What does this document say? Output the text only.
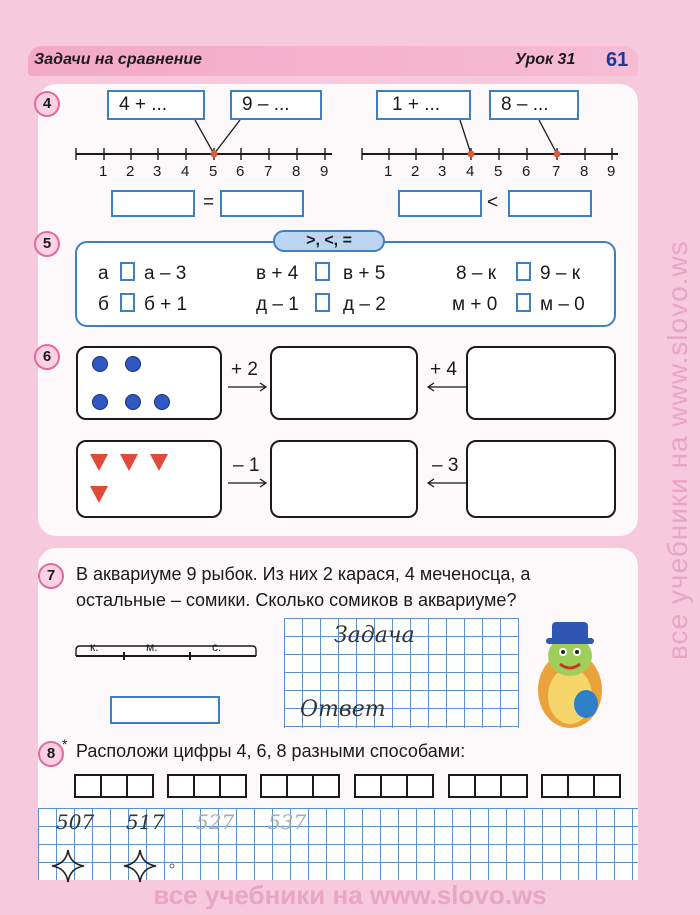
Задачи на сравнение	Урок 31 61
4	4 + ...	9 – ...	1 + ...	8 – ...
1 2 3 4 5 6 7 8 9	1 2 3 4 5 6 7 8 9
=	<
5	>, <, =
а а – 3	в + 4 в + 5	8 – к 9 – к
б б + 1	д – 1 д – 2	м + 0 м – 0
6
+ 2	+ 4
– 1	– 3
7	В аквариуме 9 рыбок. Из них 2 карася, 4 меченосца, а
остальные – сомики. Сколько сомиков в аквариуме?
к.	м.	с.	Задача
Ответ
8
* Расположи цифры 4, 6, 8 разными способами:
507 517 527 537
все учебники на www.slovo.ws
все учебники на www.slovo.ws
